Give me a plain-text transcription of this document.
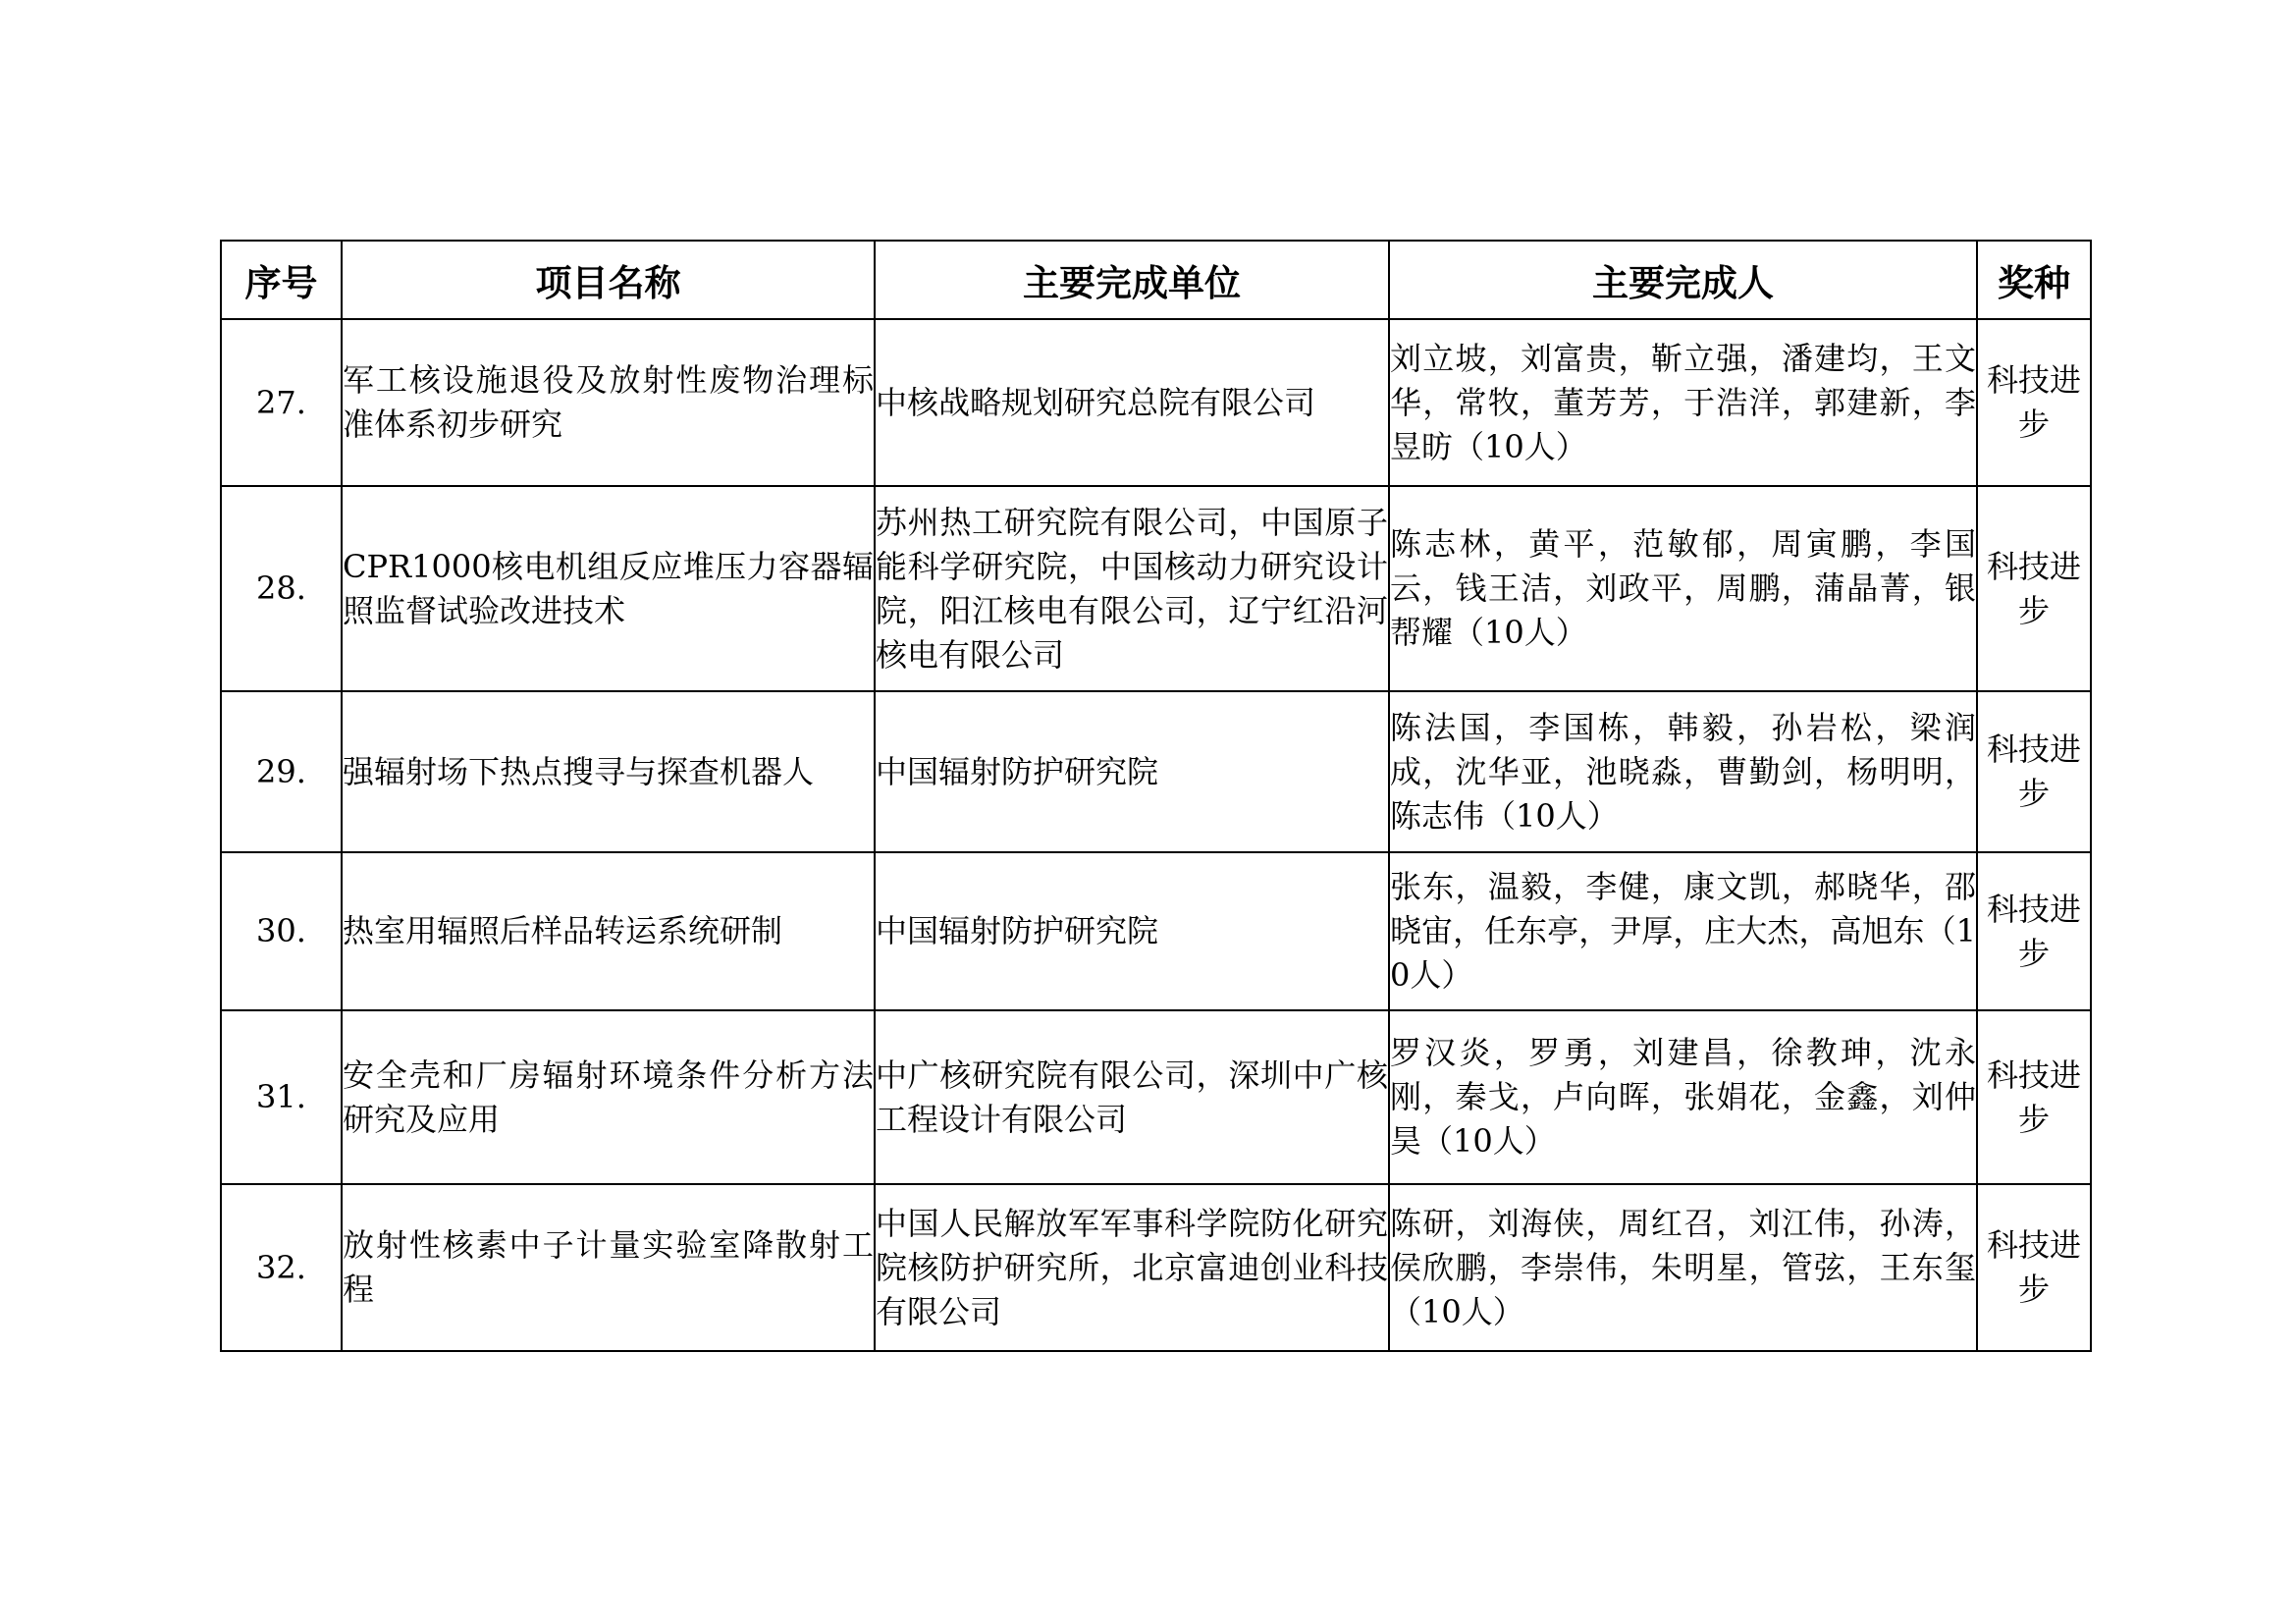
序号	项目名称	主要完成单位	主要完成人	奖种
27.	军工核设施退役及放射性废物治理标准体系初步研究	中核战略规划研究总院有限公司	刘立坡，刘富贵，靳立强，潘建均，王文华，常牧，董芳芳，于浩洋，郭建新，李昱昉（10人）	科技进步

28.	CPR1000核电机组反应堆压力容器辐照监督试验改进技术	苏州热工研究院有限公司，中国原子能科学研究院，中国核动力研究设计院，阳江核电有限公司，辽宁红沿河核电有限公司	陈志林，黄平，范敏郁，周寅鹏，李国云，钱王洁，刘政平，周鹏，蒲晶菁，银帮耀（10人）	科技进步

29.	强辐射场下热点搜寻与探查机器人	中国辐射防护研究院	陈法国，李国栋，韩毅，孙岩松，梁润成，沈华亚，池晓淼，曹勤剑，杨明明，陈志伟（10人）	科技进步

30.	热室用辐照后样品转运系统研制	中国辐射防护研究院	张东，温毅，李健，康文凯，郝晓华，邵晓宙，任东亭，尹厚，庄大杰，高旭东（10人）	科技进步

31.	安全壳和厂房辐射环境条件分析方法研究及应用	中广核研究院有限公司，深圳中广核工程设计有限公司	罗汉炎，罗勇，刘建昌，徐教珅，沈永刚，秦戈，卢向晖，张娟花，金鑫，刘仲昊（10人）	科技进步

32.	放射性核素中子计量实验室降散射工程	中国人民解放军军事科学院防化研究院核防护研究所，北京富迪创业科技有限公司	陈研，刘海侠，周红召，刘江伟，孙涛，侯欣鹏，李崇伟，朱明星，管弦，王东玺（10人）	科技进步
